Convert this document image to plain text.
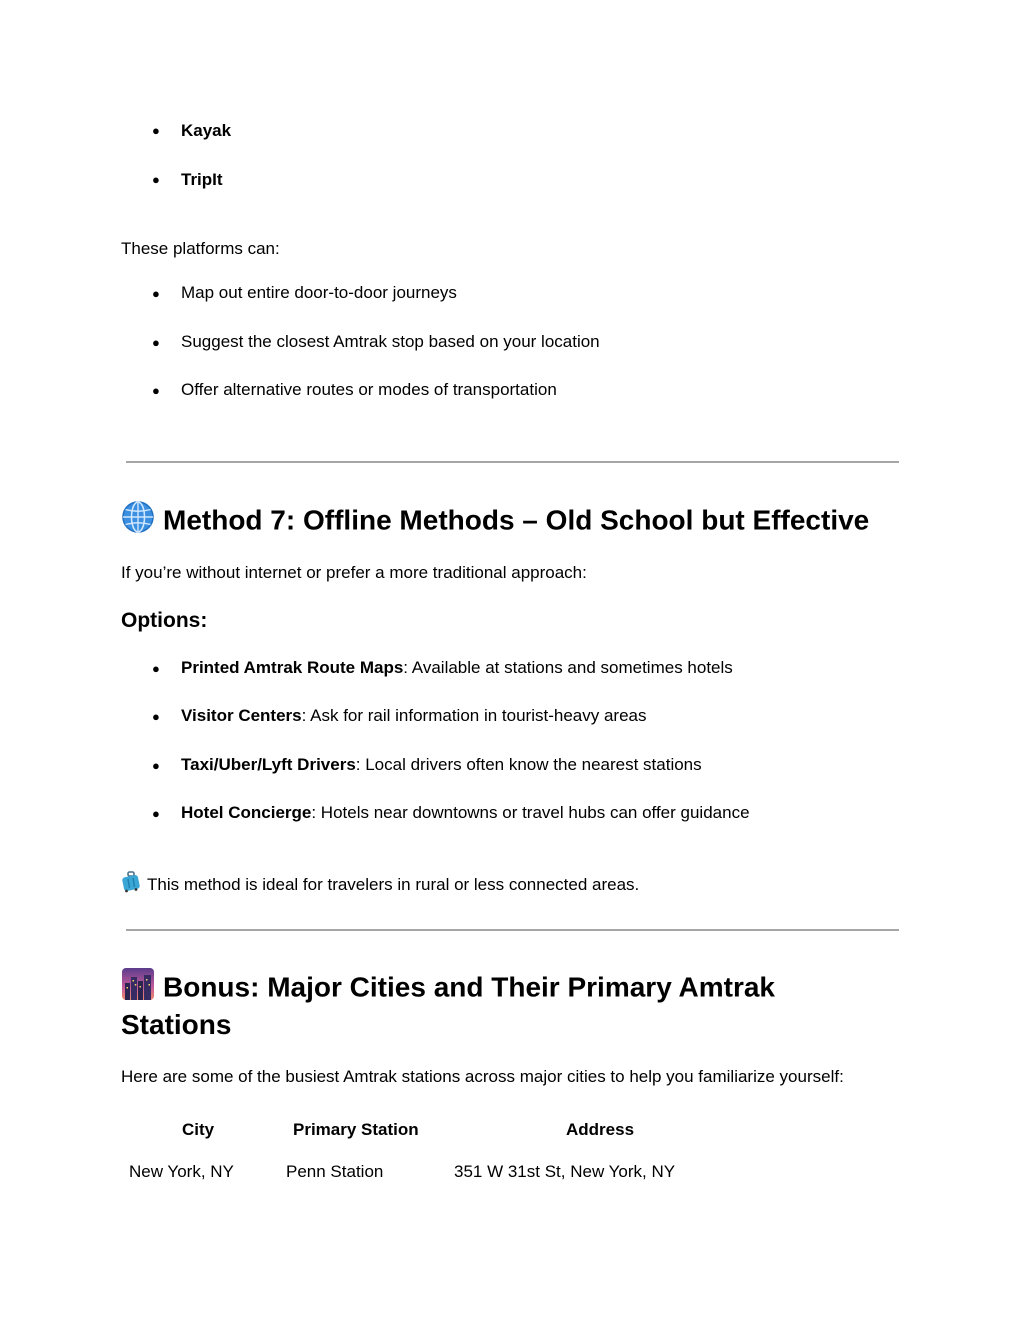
● Kayak
● TripIt
These platforms can:
● Map out entire door-to-door journeys
● Suggest the closest Amtrak stop based on your location
● Offer alternative routes or modes of transportation
Method 7: Offline Methods – Old School but Effective
If you’re without internet or prefer a more traditional approach:
Options:
● Printed Amtrak Route Maps: Available at stations and sometimes hotels
● Visitor Centers: Ask for rail information in tourist-heavy areas
● Taxi/Uber/Lyft Drivers: Local drivers often know the nearest stations
● Hotel Concierge: Hotels near downtowns or travel hubs can offer guidance
This method is ideal for travelers in rural or less connected areas.
Bonus: Major Cities and Their Primary Amtrak
Stations
Here are some of the busiest Amtrak stations across major cities to help you familiarize yourself:
City	Primary Station	Address
New York, NY	Penn Station	351 W 31st St, New York, NY
